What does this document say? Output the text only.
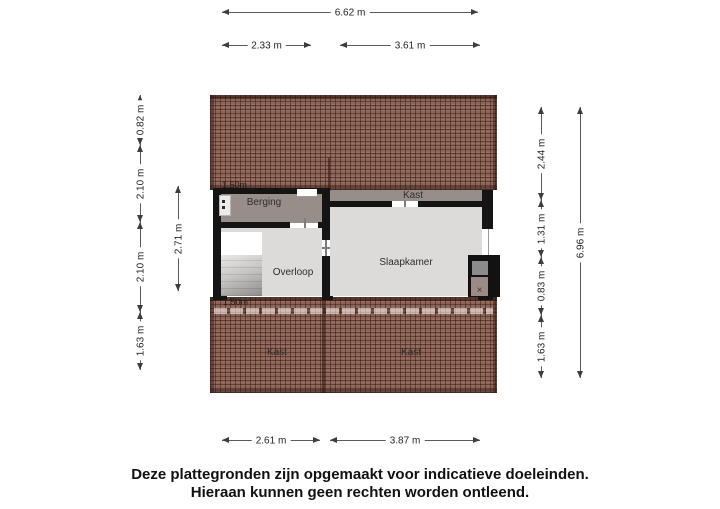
6.62 m
2.33 m	3.61 m
0.82 m
2.10 m
2.10 m
1.63 m
2.71 m
2.44 m
1.31 m
0.83 m
1.63 m
6.96 m
×
1.50m
1.50m
Berging
Kast
Overloop
Slaapkamer
Kast	Kast
2.61 m	3.87 m
Deze plattegronden zijn opgemaakt voor indicatieve doeleinden.
Hieraan kunnen geen rechten worden ontleend.
